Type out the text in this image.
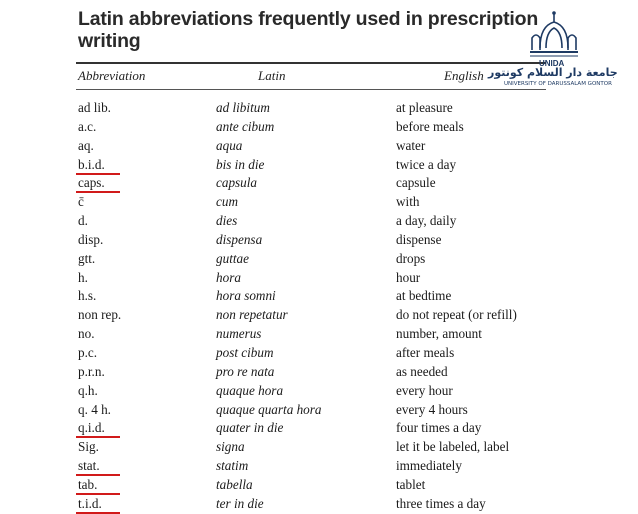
Latin abbreviations frequently used in prescription writing
Abbreviation	Latin	English
ad lib.	ad libitum	at pleasure
a.c.	ante cibum	before meals
aq.	aqua	water
b.i.d.	bis in die	twice a day
caps.	capsula	capsule
c̄	cum	with
d.	dies	a day, daily
disp.	dispensa	dispense
gtt.	guttae	drops
h.	hora	hour
h.s.	hora somni	at bedtime
non rep.	non repetatur	do not repeat (or refill)
no.	numerus	number, amount
p.c.	post cibum	after meals
p.r.n.	pro re nata	as needed
q.h.	quaque hora	every hour
q. 4 h.	quaque quarta hora	every 4 hours
q.i.d.	quater in die	four times a day
Sig.	signa	let it be labeled, label
stat.	statim	immediately
tab.	tabella	tablet
t.i.d.	ter in die	three times a day
UNIDA
جامعة دار السلام كونتور
UNIVERSITY OF DARUSSALAM GONTOR
